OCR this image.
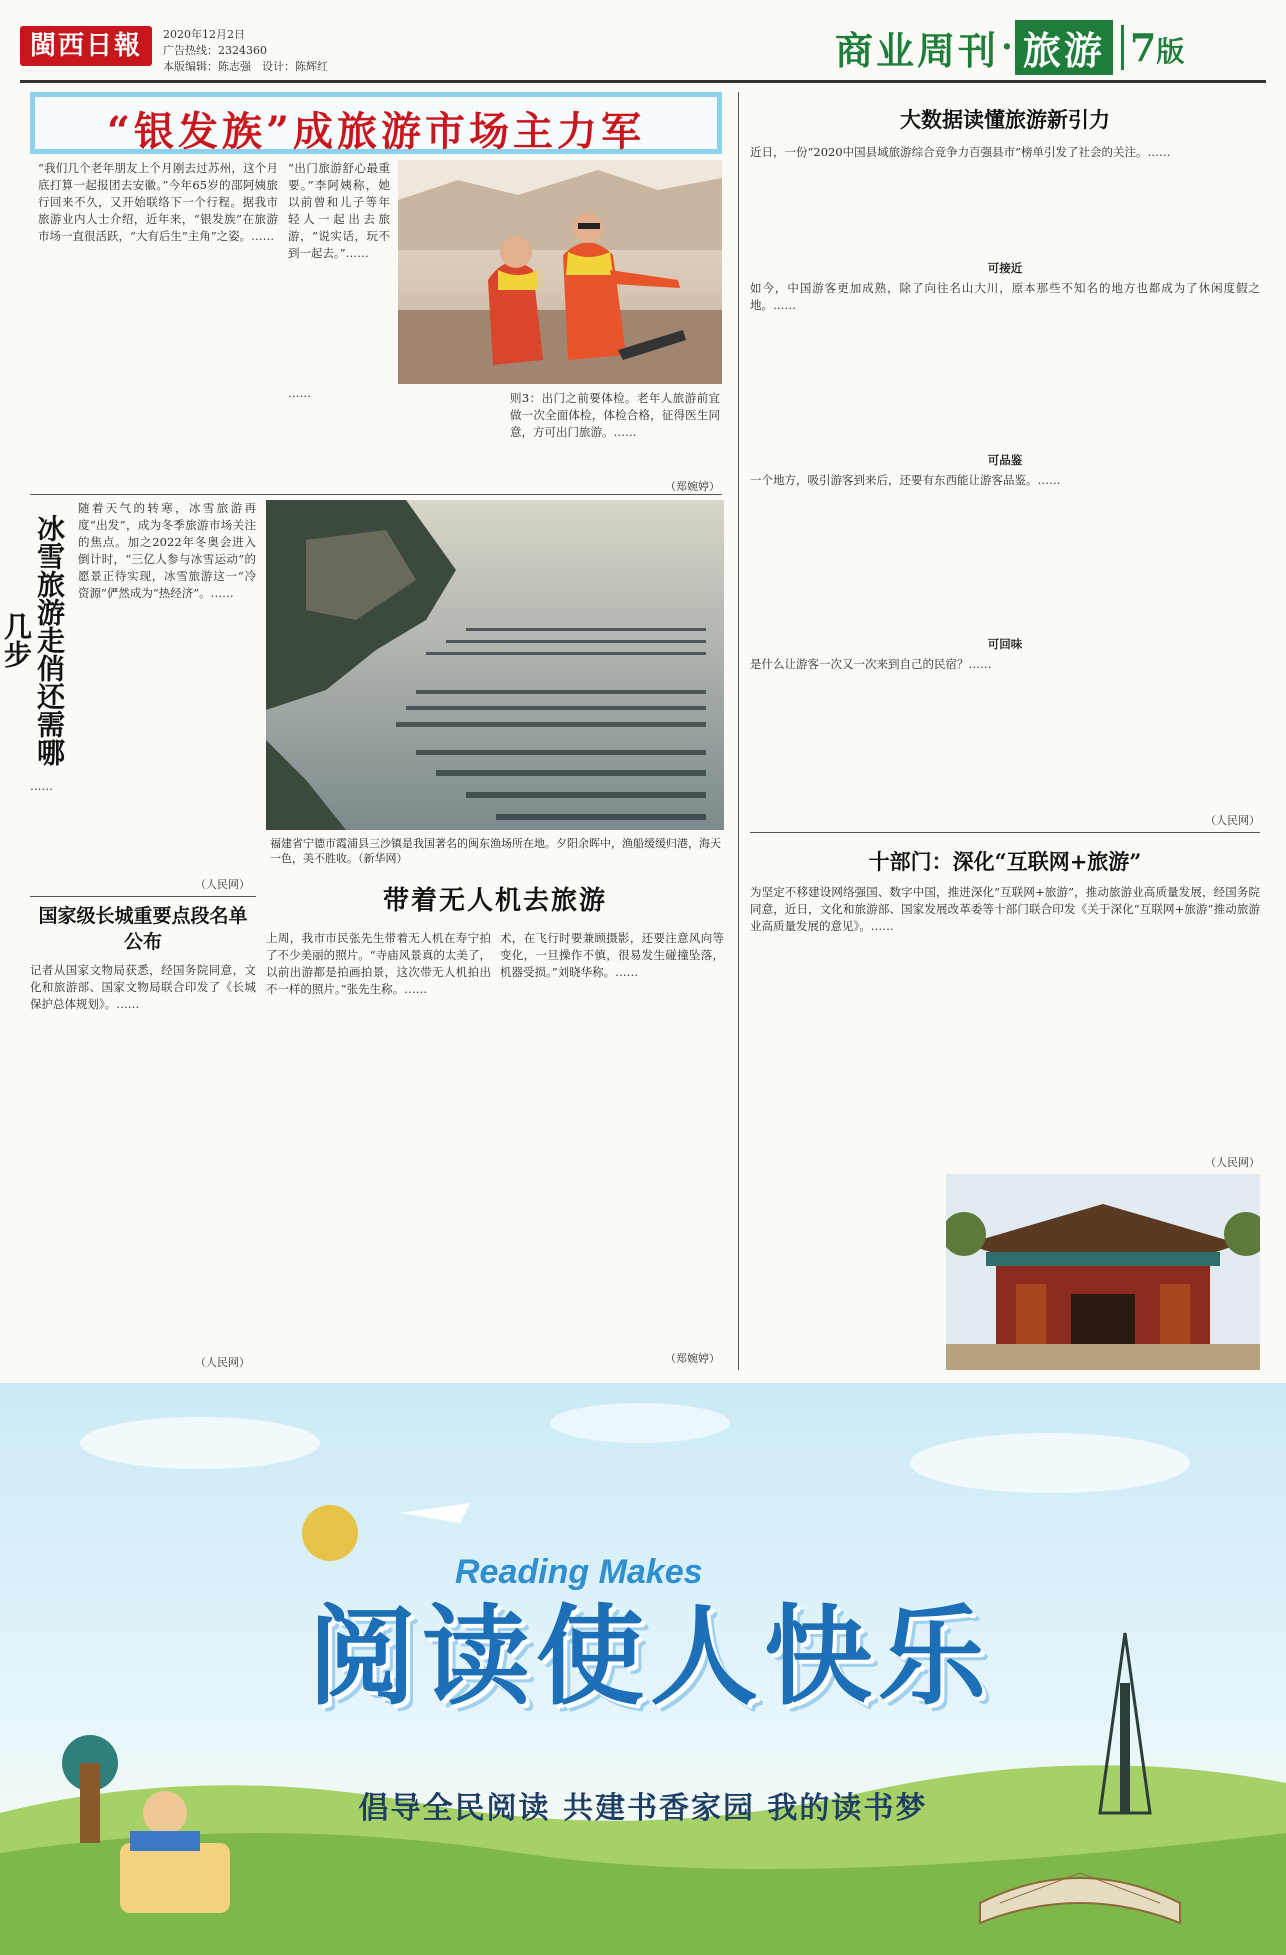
閩西日報	2020年12月2日
广告热线：2324360
本版编辑：陈志强　设计：陈辉红	商业周刊 · 旅游 7版
“银发族”成旅游市场主力军
“我们几个老年朋友上个月刚去过苏州，这个月底打算一起报团去安徽。”今年65岁的邵阿姨旅行回来不久，又开始联络下一个行程。据我市旅游业内人士介绍，近年来，“银发族”在旅游市场一直很活跃，“大有后生”主角”之姿。……
“出门旅游舒心最重要。”李阿姨称，她以前曾和儿子等年轻人一起出去旅游，“说实话，玩不到一起去。”……
……	则3：出门之前要体检。老年人旅游前宜做一次全面体检，体检合格，征得医生同意，方可出门旅游。……
（郑婉婷）
冰雪旅游走俏还需哪几步
随着天气的转寒，冰雪旅游再度“出发”，成为冬季旅游市场关注的焦点。加之2022年冬奥会进入倒计时，“三亿人参与冰雪运动”的愿景正待实现，冰雪旅游这一“冷资源”俨然成为“热经济”。……
……
（人民网）
福建省宁德市霞浦县三沙镇是我国著名的闽东渔场所在地。夕阳余晖中，渔船缓缓归港，海天一色，美不胜收。（新华网）
带着无人机去旅游
上周，我市市民张先生带着无人机在寿宁拍了不少美丽的照片。“寺庙风景真的太美了，以前出游都是拍画拍景，这次带无人机拍出不一样的照片。”张先生称。……
术，在飞行时要兼顾摄影，还要注意风向等变化，一旦操作不慎，很易发生碰撞坠落，机器受损。”刘晓华称。……
（郑婉婷）
国家级长城重要点段名单公布
记者从国家文物局获悉，经国务院同意，文化和旅游部、国家文物局联合印发了《长城保护总体规划》。……
（人民网）
大数据读懂旅游新引力
近日，一份“2020中国县域旅游综合竞争力百强县市”榜单引发了社会的关注。……
可接近
如今，中国游客更加成熟，除了向往名山大川，原本那些不知名的地方也都成为了休闲度假之地。……
可品鉴
一个地方，吸引游客到来后，还要有东西能让游客品鉴。……
可回味
是什么让游客一次又一次来到自己的民宿？……
（人民网）
十部门：深化“互联网+旅游”
为坚定不移建设网络强国、数字中国，推进深化“互联网+旅游”，推动旅游业高质量发展，经国务院同意，近日，文化和旅游部、国家发展改革委等十部门联合印发《关于深化“互联网+旅游”推动旅游业高质量发展的意见》。……
（人民网）
Reading Makes
阅读使人快乐
倡导全民阅读 共建书香家园 我的读书梦
